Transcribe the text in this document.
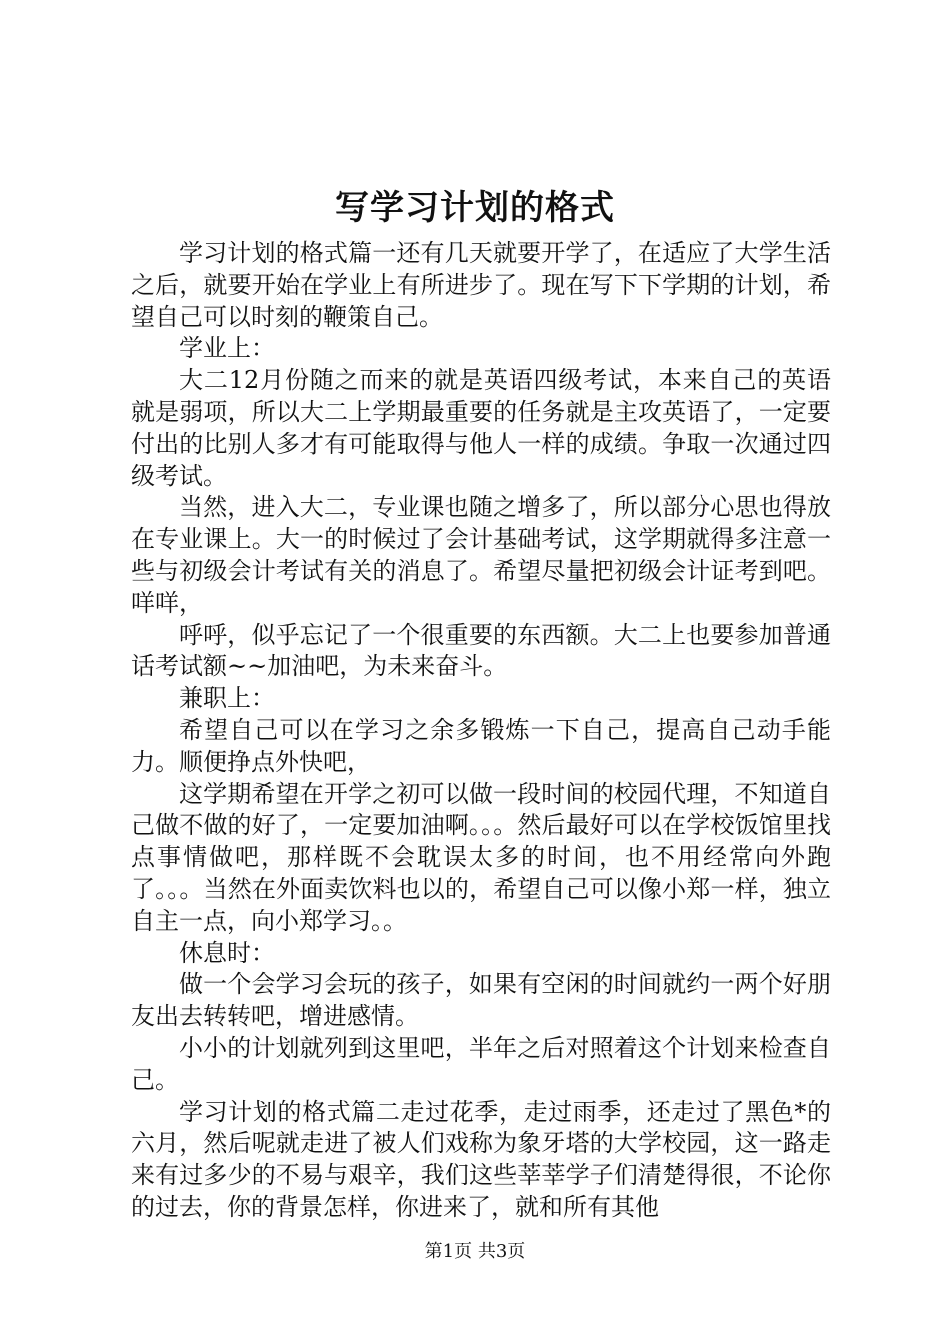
写学习计划的格式

学习计划的格式篇一还有几天就要开学了，在适应了大学生活之后，就要开始在学业上有所进步了。现在写下下学期的计划，希望自己可以时刻的鞭策自己。

学业上：

大二12月份随之而来的就是英语四级考试，本来自己的英语就是弱项，所以大二上学期最重要的任务就是主攻英语了，一定要付出的比别人多才有可能取得与他人一样的成绩。争取一次通过四级考试。

当然，进入大二，专业课也随之增多了，所以部分心思也得放在专业课上。大一的时候过了会计基础考试，这学期就得多注意一些与初级会计考试有关的消息了。希望尽量把初级会计证考到吧。咩咩，

呼呼，似乎忘记了一个很重要的东西额。大二上也要参加普通话考试额~~加油吧，为未来奋斗。

兼职上：

希望自己可以在学习之余多锻炼一下自己，提高自己动手能力。顺便挣点外快吧，

这学期希望在开学之初可以做一段时间的校园代理，不知道自己做不做的好了，一定要加油啊。。。然后最好可以在学校饭馆里找点事情做吧，那样既不会耽误太多的时间，也不用经常向外跑了。。。当然在外面卖饮料也以的，希望自己可以像小郑一样，独立自主一点，向小郑学习。。

休息时：

做一个会学习会玩的孩子，如果有空闲的时间就约一两个好朋友出去转转吧，增进感情。

小小的计划就列到这里吧，半年之后对照着这个计划来检查自己。

学习计划的格式篇二走过花季，走过雨季，还走过了黑色*的六月，然后呢就走进了被人们戏称为象牙塔的大学校园，这一路走来有过多少的不易与艰辛，我们这些莘莘学子们清楚得很，不论你的过去，你的背景怎样，你进来了，就和所有其他

第1页 共3页
